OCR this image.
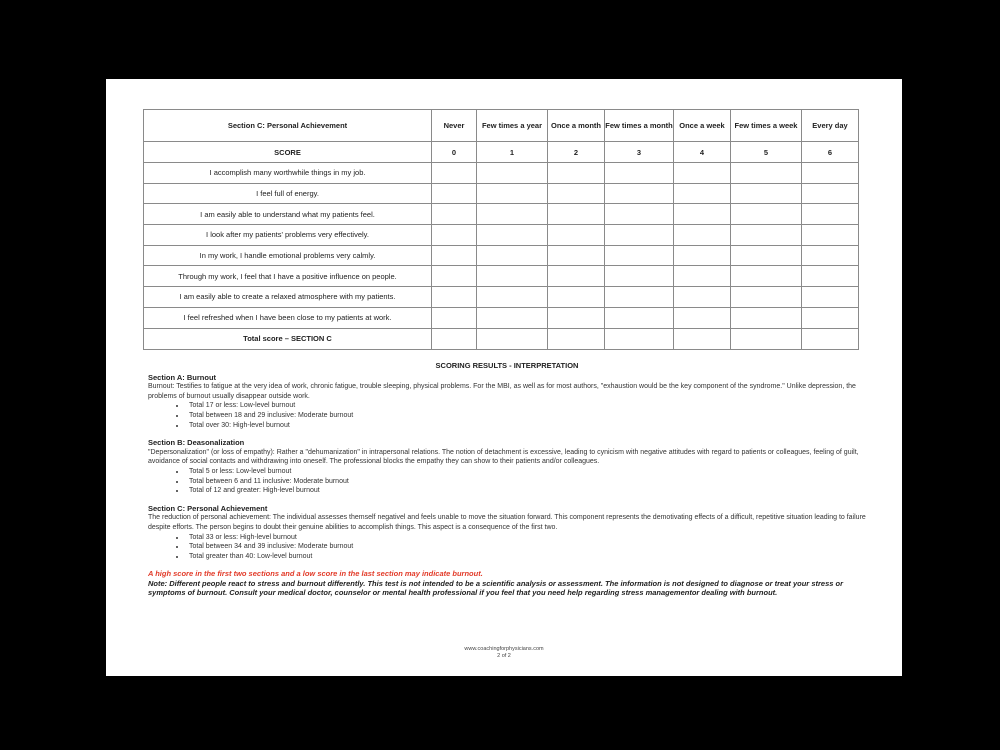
Section C: Personal Achievement	Never	Few times a year	Once a month	Few times a month	Once a week	Few times a week	Every day
SCORE	0	1	2	3	4	5	6
I accomplish many worthwhile things in my job.							
I feel full of energy.							
I am easily able to understand what my patients feel.							
I look after my patients' problems very effectively.							
In my work, I handle emotional problems very calmly.							
Through my work, I feel that I have a positive influence on people.							
I am easily able to create a relaxed atmosphere with my patients.							
I feel refreshed when I have been close to my patients at work.							
Total score – SECTION C							
SCORING RESULTS - INTERPRETATION
Section A: Burnout
Burnout: Testifies to fatigue at the very idea of work, chronic fatigue, trouble sleeping, physical problems. For the MBI, as well as for most authors, "exhaustion would be the key component of the syndrome." Unlike depression, the problems of burnout usually disappear outside work.
• Total 17 or less: Low-level burnout
• Total between 18 and 29 inclusive: Moderate burnout
• Total over 30: High-level burnout
Section B: Deasonalization
"Depersonalization" (or loss of empathy): Rather a "dehumanization" in intrapersonal relations. The notion of detachment is excessive, leading to cynicism with negative attitudes with regard to patients or colleagues, feeling of guilt, avoidance of social contacts and withdrawing into oneself. The professional blocks the empathy they can show to their patients and/or colleagues.
• Total 5 or less: Low-level burnout
• Total between 6 and 11 inclusive: Moderate burnout
• Total of 12 and greater: High-level burnout
Section C: Personal Achievement
The reduction of personal achievement: The individual assesses themself negativel and feels unable to move the situation forward. This component represents the demotivating effects of a difficult, repetitive situation leading to failure despite efforts. The person begins to doubt their genuine abilities to accomplish things. This aspect is a consequence of the first two.
• Total 33 or less: High-level burnout
• Total between 34 and 39 inclusive: Moderate burnout
• Total greater than 40: Low-level burnout
A high score in the first two sections and a low score in the last section may indicate burnout.
Note: Different people react to stress and burnout differently. This test is not intended to be a scientific analysis or assessment. The information is not designed to diagnose or treat your stress or symptoms of burnout. Consult your medical doctor, counselor or mental health professional if you feel that you need help regarding stress managementor dealing with burnout.
www.coachingforphysicians.com
2 of 2
